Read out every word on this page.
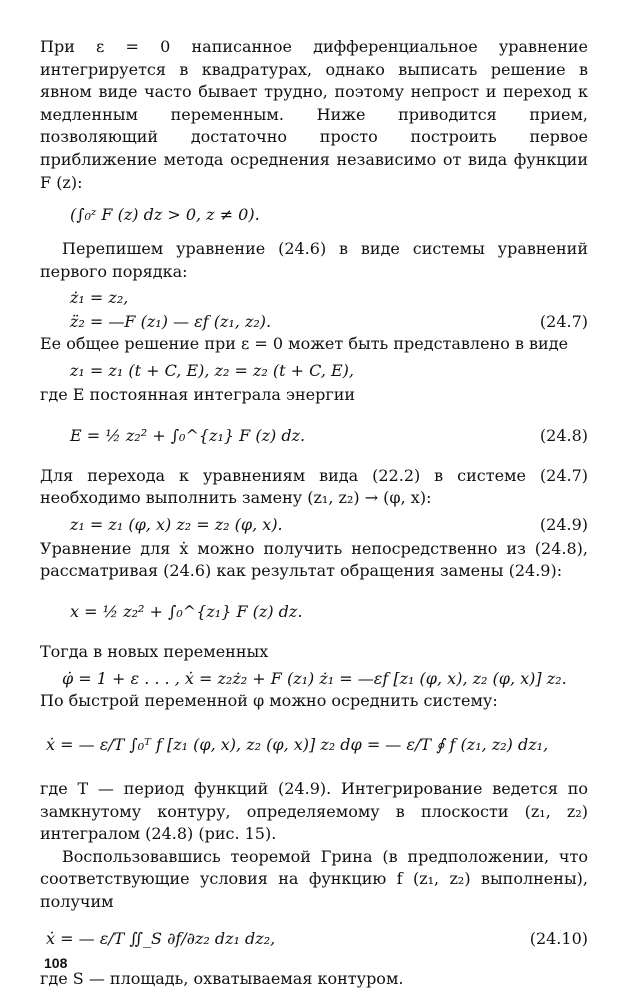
При ε = 0 написанное дифференциальное уравнение интегрируется в квадратурах, однако выписать решение в явном виде часто бывает трудно, поэтому непрост и переход к медленным переменным. Ниже приводится прием, позволяющий достаточно просто построить первое приближение метода осреднения независимо от вида функции F (z):

(∫₀ᶻ F (z) dz > 0, z ≠ 0).

Перепишем уравнение (24.6) в виде системы уравнений первого порядка:

ż₁ = z₂,
z̈₂ = —F (z₁) — εf (z₁, z₂).	(24.7)

Ее общее решение при ε = 0 может быть представлено в виде

z₁ = z₁ (t + C, E), z₂ = z₂ (t + C, E),

где E постоянная интеграла энергии

E = ½ z₂² + ∫₀^{z₁} F (z) dz.	(24.8)

Для перехода к уравнениям вида (22.2) в системе (24.7) необходимо выполнить замену (z₁, z₂) → (φ, x):

z₁ = z₁ (φ, x) z₂ = z₂ (φ, x).	(24.9)

Уравнение для ẋ можно получить непосредственно из (24.8), рассматривая (24.6) как результат обращения замены (24.9):

x = ½ z₂² + ∫₀^{z₁} F (z) dz.

Тогда в новых переменных

φ̇ = 1 + ε . . . , ẋ = z₂ż₂ + F (z₁) ż₁ = —εf [z₁ (φ, x), z₂ (φ, x)] z₂.

По быстрой переменной φ можно осреднить систему:

ẋ = — ε/T ∫₀ᵀ f [z₁ (φ, x), z₂ (φ, x)] z₂ dφ = — ε/T ∮ f (z₁, z₂) dz₁,

где T — период функций (24.9). Интегрирование ведется по замкнутому контуру, определяемому в плоскости (z₁, z₂) интегралом (24.8) (рис. 15).

Воспользовавшись теоремой Грина (в предположении, что соответствующие условия на функцию f (z₁, z₂) выполнены), получим

ẋ = — ε/T ∬_S ∂f/∂z₂ dz₁ dz₂,	(24.10)

где S — площадь, охватываемая контуром.

108
